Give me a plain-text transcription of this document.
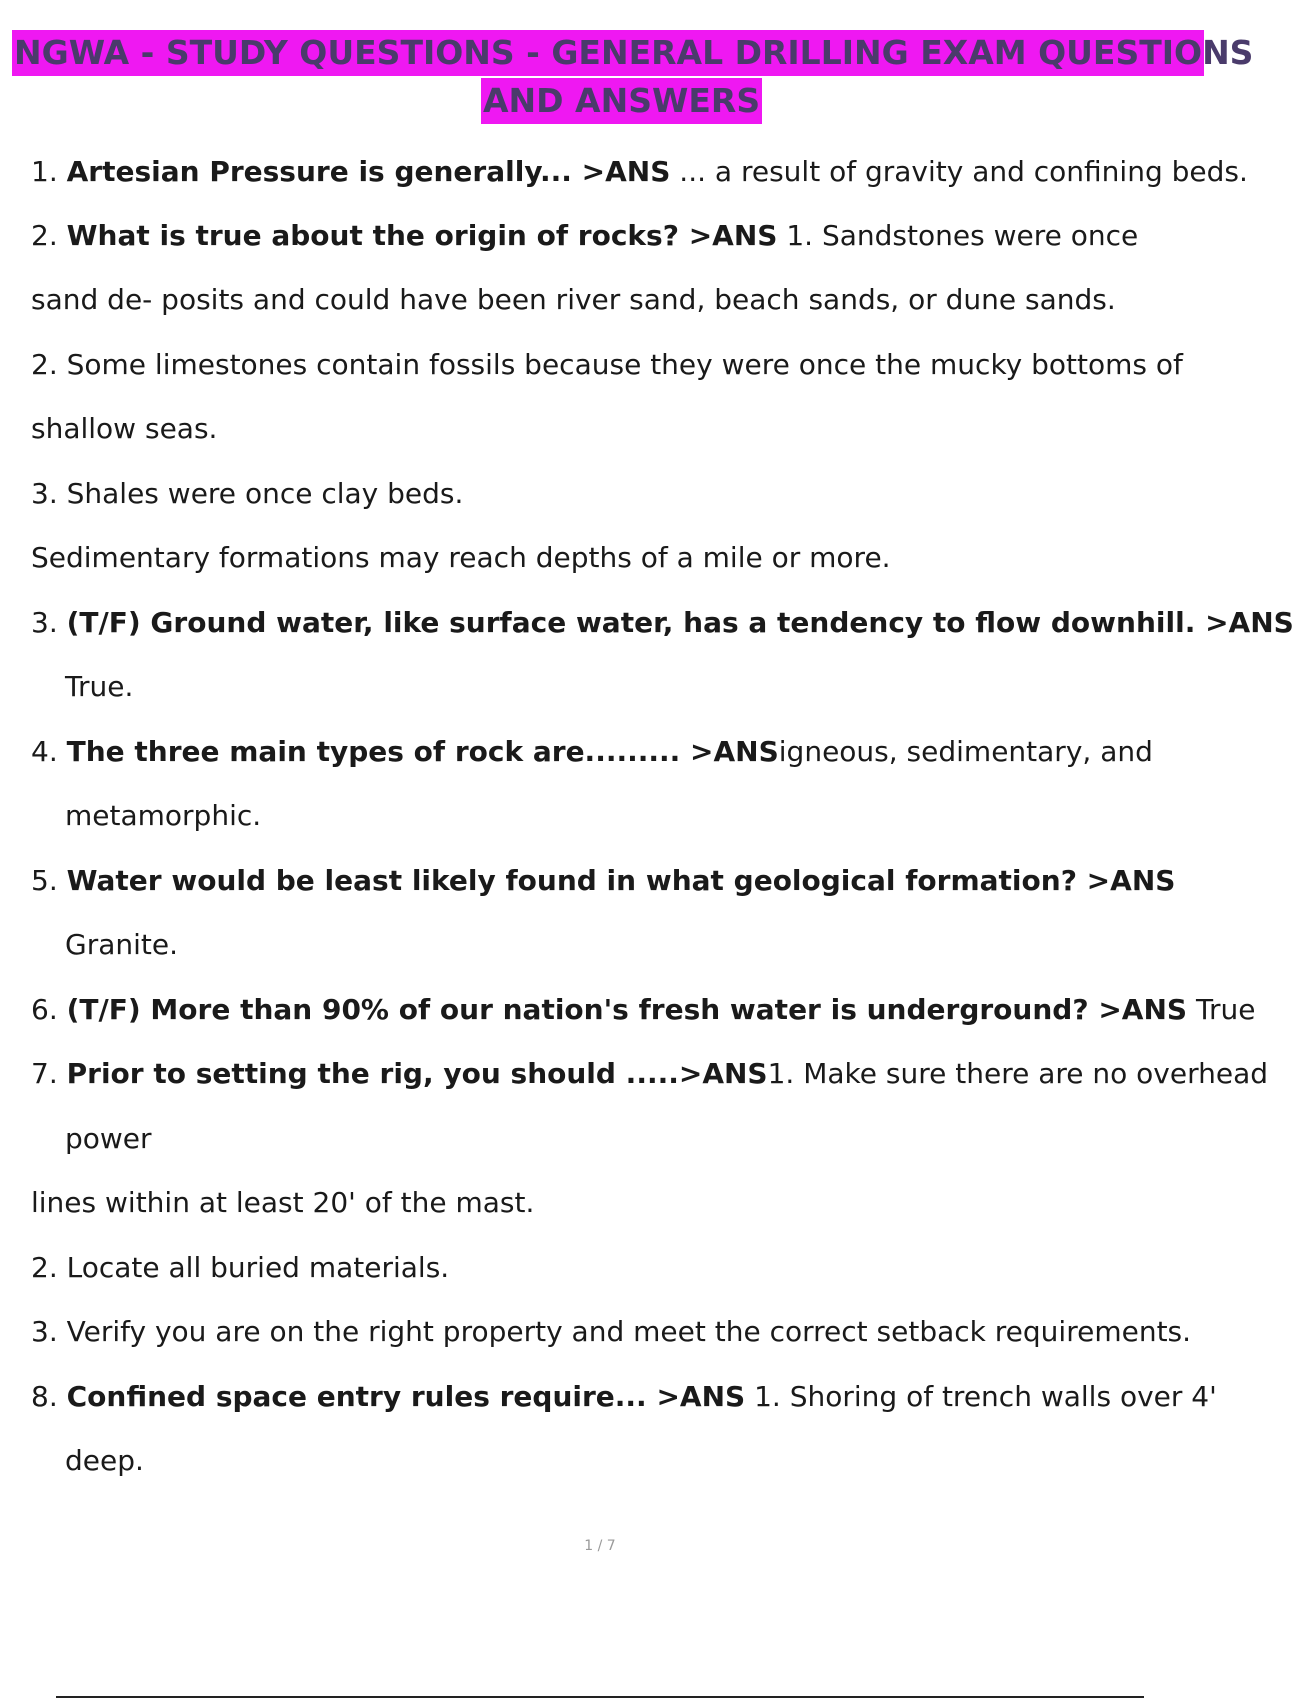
NGWA - STUDY QUESTIONS - GENERAL DRILLING EXAM QUESTIONS
AND ANSWERS
1. Artesian Pressure is generally... >ANS ... a result of gravity and confining beds.
2. What is true about the origin of rocks? >ANS 1. Sandstones were once
sand de- posits and could have been river sand, beach sands, or dune sands.
2. Some limestones contain fossils because they were once the mucky bottoms of
shallow seas.
3. Shales were once clay beds.
Sedimentary formations may reach depths of a mile or more.
3. (T/F) Ground water, like surface water, has a tendency to flow downhill. >ANS
True.
4. The three main types of rock are......... >ANSigneous, sedimentary, and
metamorphic.
5. Water would be least likely found in what geological formation? >ANS
Granite.
6. (T/F) More than 90% of our nation's fresh water is underground? >ANS True
7. Prior to setting the rig, you should .....>ANS1. Make sure there are no overhead
power
lines within at least 20' of the mast.
2. Locate all buried materials.
3. Verify you are on the right property and meet the correct setback requirements.
8. Confined space entry rules require... >ANS 1. Shoring of trench walls over 4'
deep.
1 / 7
